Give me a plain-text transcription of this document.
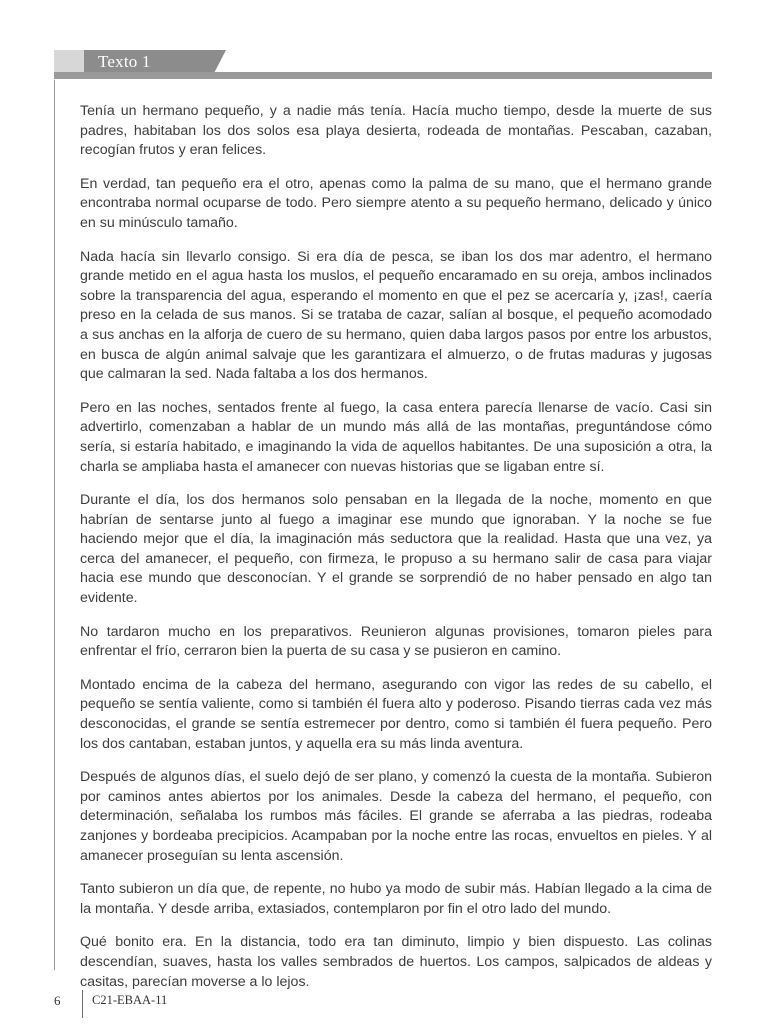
Texto 1

Tenía un hermano pequeño, y a nadie más tenía. Hacía mucho tiempo, desde la muerte de sus padres, habitaban los dos solos esa playa desierta, rodeada de montañas. Pescaban, cazaban, recogían frutos y eran felices.

En verdad, tan pequeño era el otro, apenas como la palma de su mano, que el hermano grande encontraba normal ocuparse de todo. Pero siempre atento a su pequeño hermano, delicado y único en su minúsculo tamaño.

Nada hacía sin llevarlo consigo. Si era día de pesca, se iban los dos mar adentro, el hermano grande metido en el agua hasta los muslos, el pequeño encaramado en su oreja, ambos inclinados sobre la transparencia del agua, esperando el momento en que el pez se acercaría y, ¡zas!, caería preso en la celada de sus manos. Si se trataba de cazar, salían al bosque, el pequeño acomodado a sus anchas en la alforja de cuero de su hermano, quien daba largos pasos por entre los arbustos, en busca de algún animal salvaje que les garantizara el almuerzo, o de frutas maduras y jugosas que calmaran la sed. Nada faltaba a los dos hermanos.

Pero en las noches, sentados frente al fuego, la casa entera parecía llenarse de vacío. Casi sin advertirlo, comenzaban a hablar de un mundo más allá de las montañas, preguntándose cómo sería, si estaría habitado, e imaginando la vida de aquellos habitantes. De una suposición a otra, la charla se ampliaba hasta el amanecer con nuevas historias que se ligaban entre sí.

Durante el día, los dos hermanos solo pensaban en la llegada de la noche, momento en que habrían de sentarse junto al fuego a imaginar ese mundo que ignoraban. Y la noche se fue haciendo mejor que el día, la imaginación más seductora que la realidad. Hasta que una vez, ya cerca del amanecer, el pequeño, con firmeza, le propuso a su hermano salir de casa para viajar hacia ese mundo que desconocían. Y el grande se sorprendió de no haber pensado en algo tan evidente.

No tardaron mucho en los preparativos. Reunieron algunas provisiones, tomaron pieles para enfrentar el frío, cerraron bien la puerta de su casa y se pusieron en camino.

Montado encima de la cabeza del hermano, asegurando con vigor las redes de su cabello, el pequeño se sentía valiente, como si también él fuera alto y poderoso. Pisando tierras cada vez más desconocidas, el grande se sentía estremecer por dentro, como si también él fuera pequeño. Pero los dos cantaban, estaban juntos, y aquella era su más linda aventura.

Después de algunos días, el suelo dejó de ser plano, y comenzó la cuesta de la montaña. Subieron por caminos antes abiertos por los animales. Desde la cabeza del hermano, el pequeño, con determinación, señalaba los rumbos más fáciles. El grande se aferraba a las piedras, rodeaba zanjones y bordeaba precipicios. Acampaban por la noche entre las rocas, envueltos en pieles. Y al amanecer proseguían su lenta ascensión.

Tanto subieron un día que, de repente, no hubo ya modo de subir más. Habían llegado a la cima de la montaña. Y desde arriba, extasiados, contemplaron por fin el otro lado del mundo.

Qué bonito era. En la distancia, todo era tan diminuto, limpio y bien dispuesto. Las colinas descendían, suaves, hasta los valles sembrados de huertos. Los campos, salpicados de aldeas y casitas, parecían moverse a lo lejos.

6	C21-EBAA-11
